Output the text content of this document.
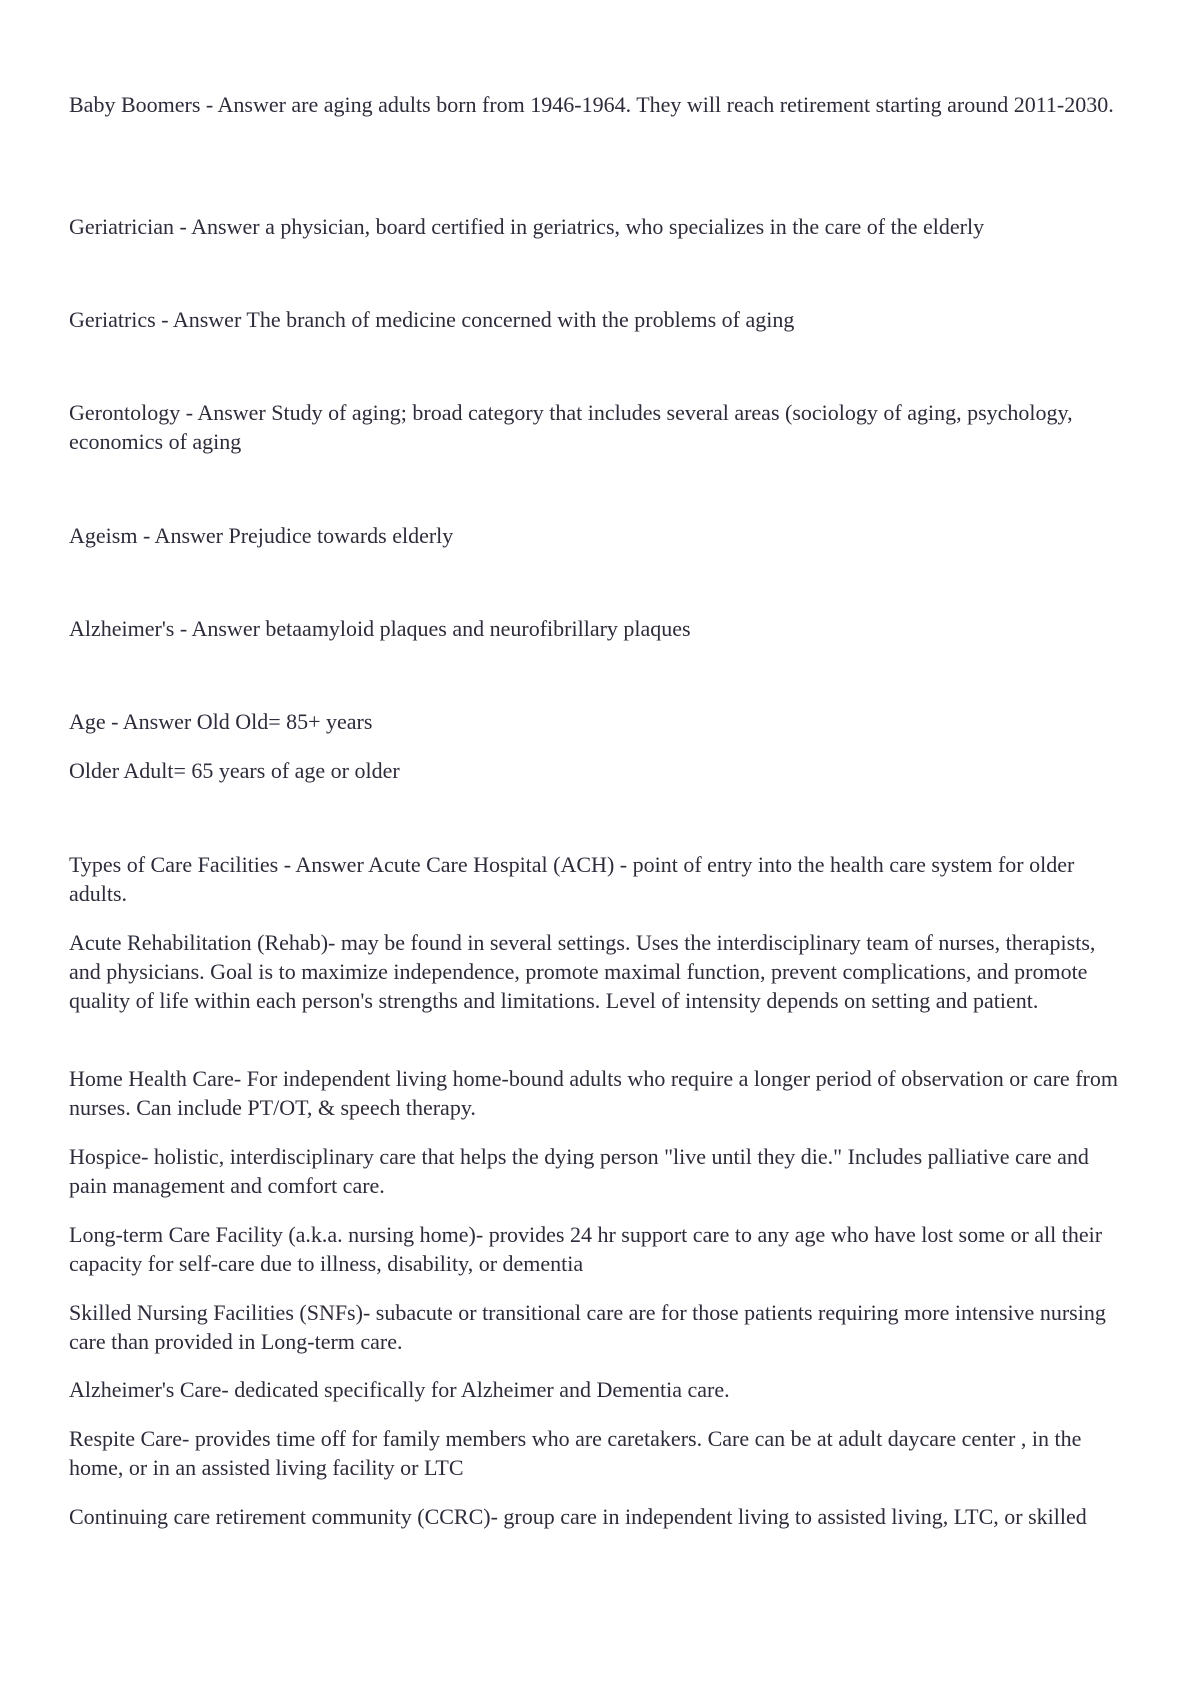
Baby Boomers - Answer are aging adults born from 1946-1964. They will reach retirement starting around 2011-2030.

Geriatrician - Answer a physician, board certified in geriatrics, who specializes in the care of the elderly

Geriatrics - Answer The branch of medicine concerned with the problems of aging

Gerontology - Answer Study of aging; broad category that includes several areas (sociology of aging, psychology, economics of aging

Ageism - Answer Prejudice towards elderly

Alzheimer's - Answer betaamyloid plaques and neurofibrillary plaques

Age - Answer Old Old= 85+ years

Older Adult= 65 years of age or older

Types of Care Facilities - Answer Acute Care Hospital (ACH) - point of entry into the health care system for older adults.

Acute Rehabilitation (Rehab)- may be found in several settings. Uses the interdisciplinary team of nurses, therapists, and physicians. Goal is to maximize independence, promote maximal function, prevent complications, and promote quality of life within each person's strengths and limitations. Level of intensity depends on setting and patient.

Home Health Care- For independent living home-bound adults who require a longer period of observation or care from nurses. Can include PT/OT, & speech therapy.

Hospice- holistic, interdisciplinary care that helps the dying person "live until they die." Includes palliative care and pain management and comfort care.

Long-term Care Facility (a.k.a. nursing home)- provides 24 hr support care to any age who have lost some or all their capacity for self-care due to illness, disability, or dementia

Skilled Nursing Facilities (SNFs)- subacute or transitional care are for those patients requiring more intensive nursing care than provided in Long-term care.

Alzheimer's Care- dedicated specifically for Alzheimer and Dementia care.

Respite Care- provides time off for family members who are caretakers. Care can be at adult daycare center , in the home, or in an assisted living facility or LTC

Continuing care retirement community (CCRC)- group care in independent living to assisted living, LTC, or skilled
